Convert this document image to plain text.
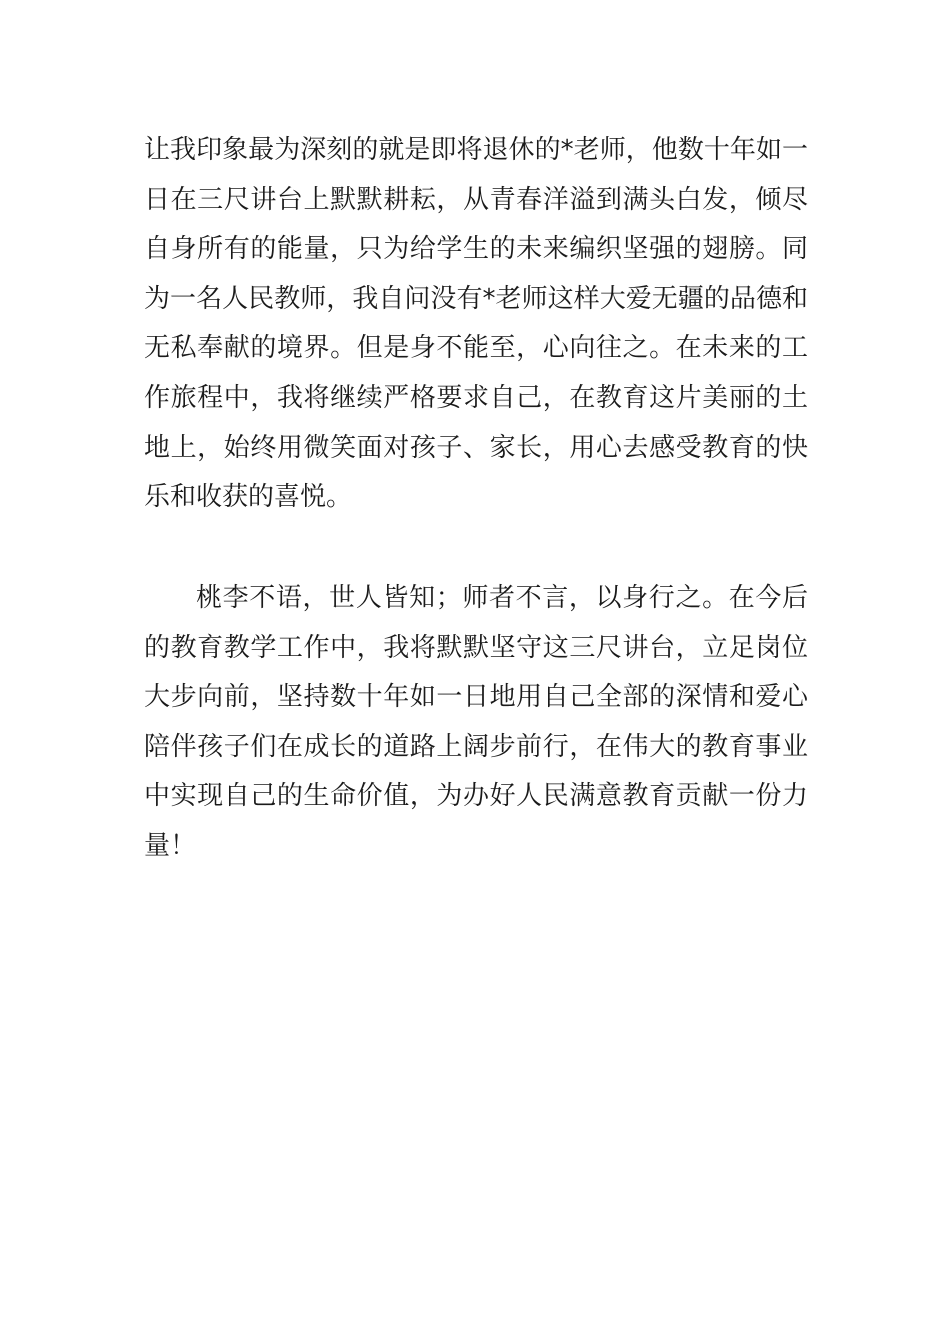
让我印象最为深刻的就是即将退休的*老师，他数十年如一
日在三尺讲台上默默耕耘，从青春洋溢到满头白发，倾尽
自身所有的能量，只为给学生的未来编织坚强的翅膀。同
为一名人民教师，我自问没有*老师这样大爱无疆的品德和
无私奉献的境界。但是身不能至，心向往之。在未来的工
作旅程中，我将继续严格要求自己，在教育这片美丽的土
地上，始终用微笑面对孩子、家长，用心去感受教育的快
乐和收获的喜悦。

桃李不语，世人皆知；师者不言，以身行之。在今后
的教育教学工作中，我将默默坚守这三尺讲台，立足岗位
大步向前，坚持数十年如一日地用自己全部的深情和爱心
陪伴孩子们在成长的道路上阔步前行，在伟大的教育事业
中实现自己的生命价值，为办好人民满意教育贡献一份力
量！
